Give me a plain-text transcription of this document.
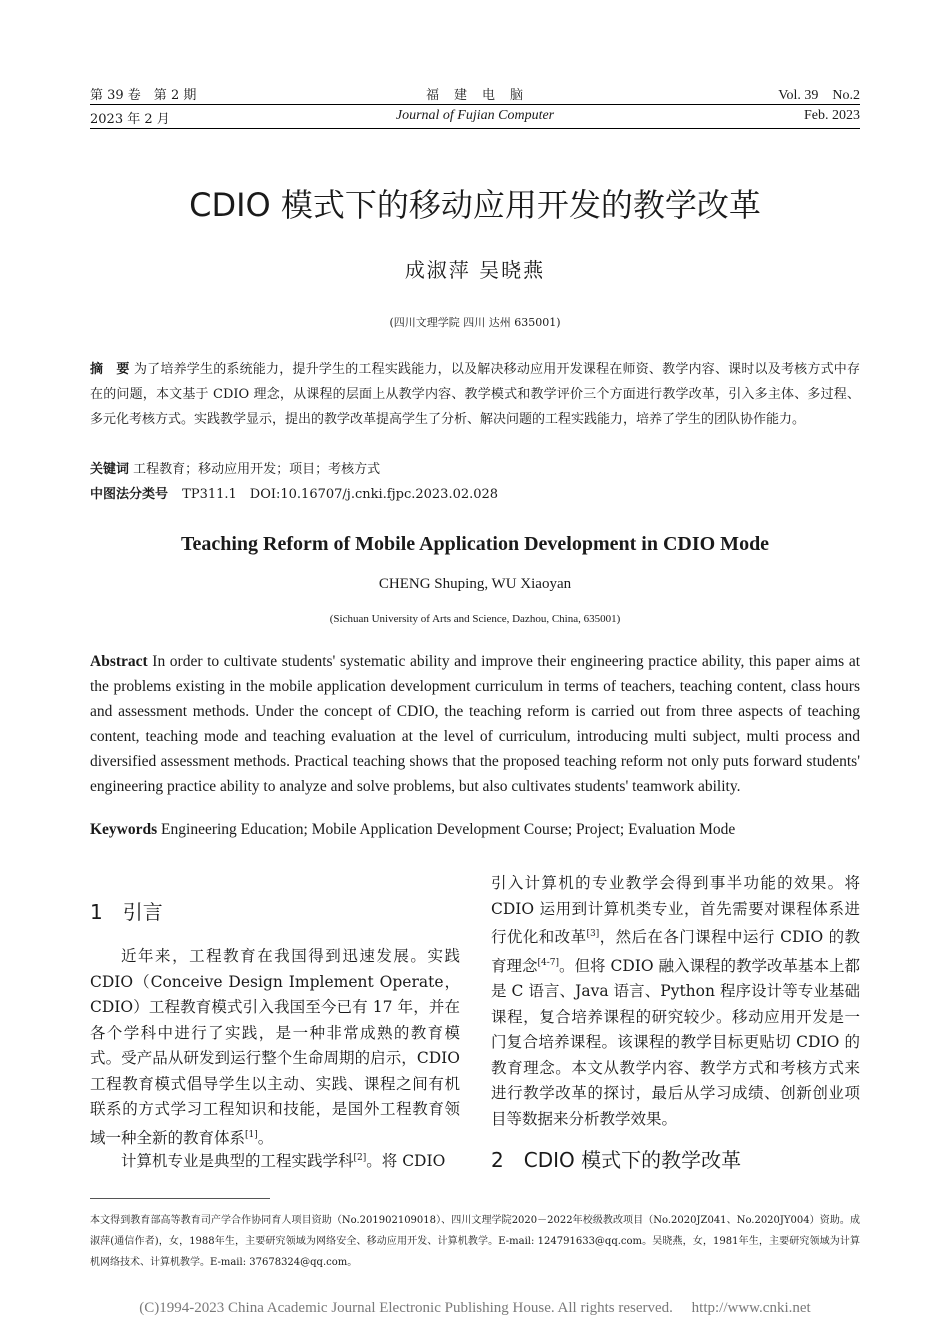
第 39 卷　第 2 期	福　建　电　脑	Vol. 39　No.2
2023 年 2 月	Journal of Fujian Computer	Feb. 2023
CDIO 模式下的移动应用开发的教学改革
成淑萍 吴晓燕
(四川文理学院 四川 达州 635001)
摘　要 为了培养学生的系统能力，提升学生的工程实践能力，以及解决移动应用开发课程在师资、教学内容、课时以及考核方式中存在的问题，本文基于 CDIO 理念，从课程的层面上从教学内容、教学模式和教学评价三个方面进行教学改革，引入多主体、多过程、多元化考核方式。实践教学显示，提出的教学改革提高学生了分析、解决问题的工程实践能力，培养了学生的团队协作能力。
关键词 工程教育；移动应用开发；项目；考核方式
中图法分类号 TP311.1　DOI:10.16707/j.cnki.fjpc.2023.02.028
Teaching Reform of Mobile Application Development in CDIO Mode
CHENG Shuping, WU Xiaoyan
(Sichuan University of Arts and Science, Dazhou, China, 635001)
Abstract In order to cultivate students' systematic ability and improve their engineering practice ability, this paper aims at the problems existing in the mobile application development curriculum in terms of teachers, teaching content, class hours and assessment methods. Under the concept of CDIO, the teaching reform is carried out from three aspects of teaching content, teaching mode and teaching evaluation at the level of curriculum, introducing multi subject, multi process and diversified assessment methods. Practical teaching shows that the proposed teaching reform not only puts forward students' engineering practice ability to analyze and solve problems, but also cultivates students' teamwork ability.
Keywords Engineering Education; Mobile Application Development Course; Project; Evaluation Mode
1　引言
近年来，工程教育在我国得到迅速发展。实践 CDIO（Conceive Design Implement Operate，CDIO）工程教育模式引入我国至今已有 17 年，并在各个学科中进行了实践，是一种非常成熟的教育模式。受产品从研发到运行整个生命周期的启示，CDIO 工程教育模式倡导学生以主动、实践、课程之间有机联系的方式学习工程知识和技能，是国外工程教育领域一种全新的教育体系[1]。
计算机专业是典型的工程实践学科[2]。将 CDIO
引入计算机的专业教学会得到事半功能的效果。将 CDIO 运用到计算机类专业，首先需要对课程体系进行优化和改革[3]，然后在各门课程中运行 CDIO 的教育理念[4-7]。但将 CDIO 融入课程的教学改革基本上都是 C 语言、Java 语言、Python 程序设计等专业基础课程，复合培养课程的研究较少。移动应用开发是一门复合培养课程。该课程的教学目标更贴切 CDIO 的教育理念。本文从教学内容、教学方式和考核方式来进行教学改革的探讨，最后从学习成绩、创新创业项目等数据来分析教学效果。
2　CDIO 模式下的教学改革
本文得到教育部高等教育司产学合作协同育人项目资助（No.201902109018）、四川文理学院2020－2022年校级教改项目（No.2020JZ041、No.2020JY004）资助。成淑萍(通信作者)，女，1988年生，主要研究领域为网络安全、移动应用开发、计算机教学。E-mail: 124791633@qq.com。吴晓燕，女，1981年生，主要研究领域为计算机网络技术、计算机教学。E-mail: 37678324@qq.com。
(C)1994-2023 China Academic Journal Electronic Publishing House. All rights reserved.　 http://www.cnki.net
